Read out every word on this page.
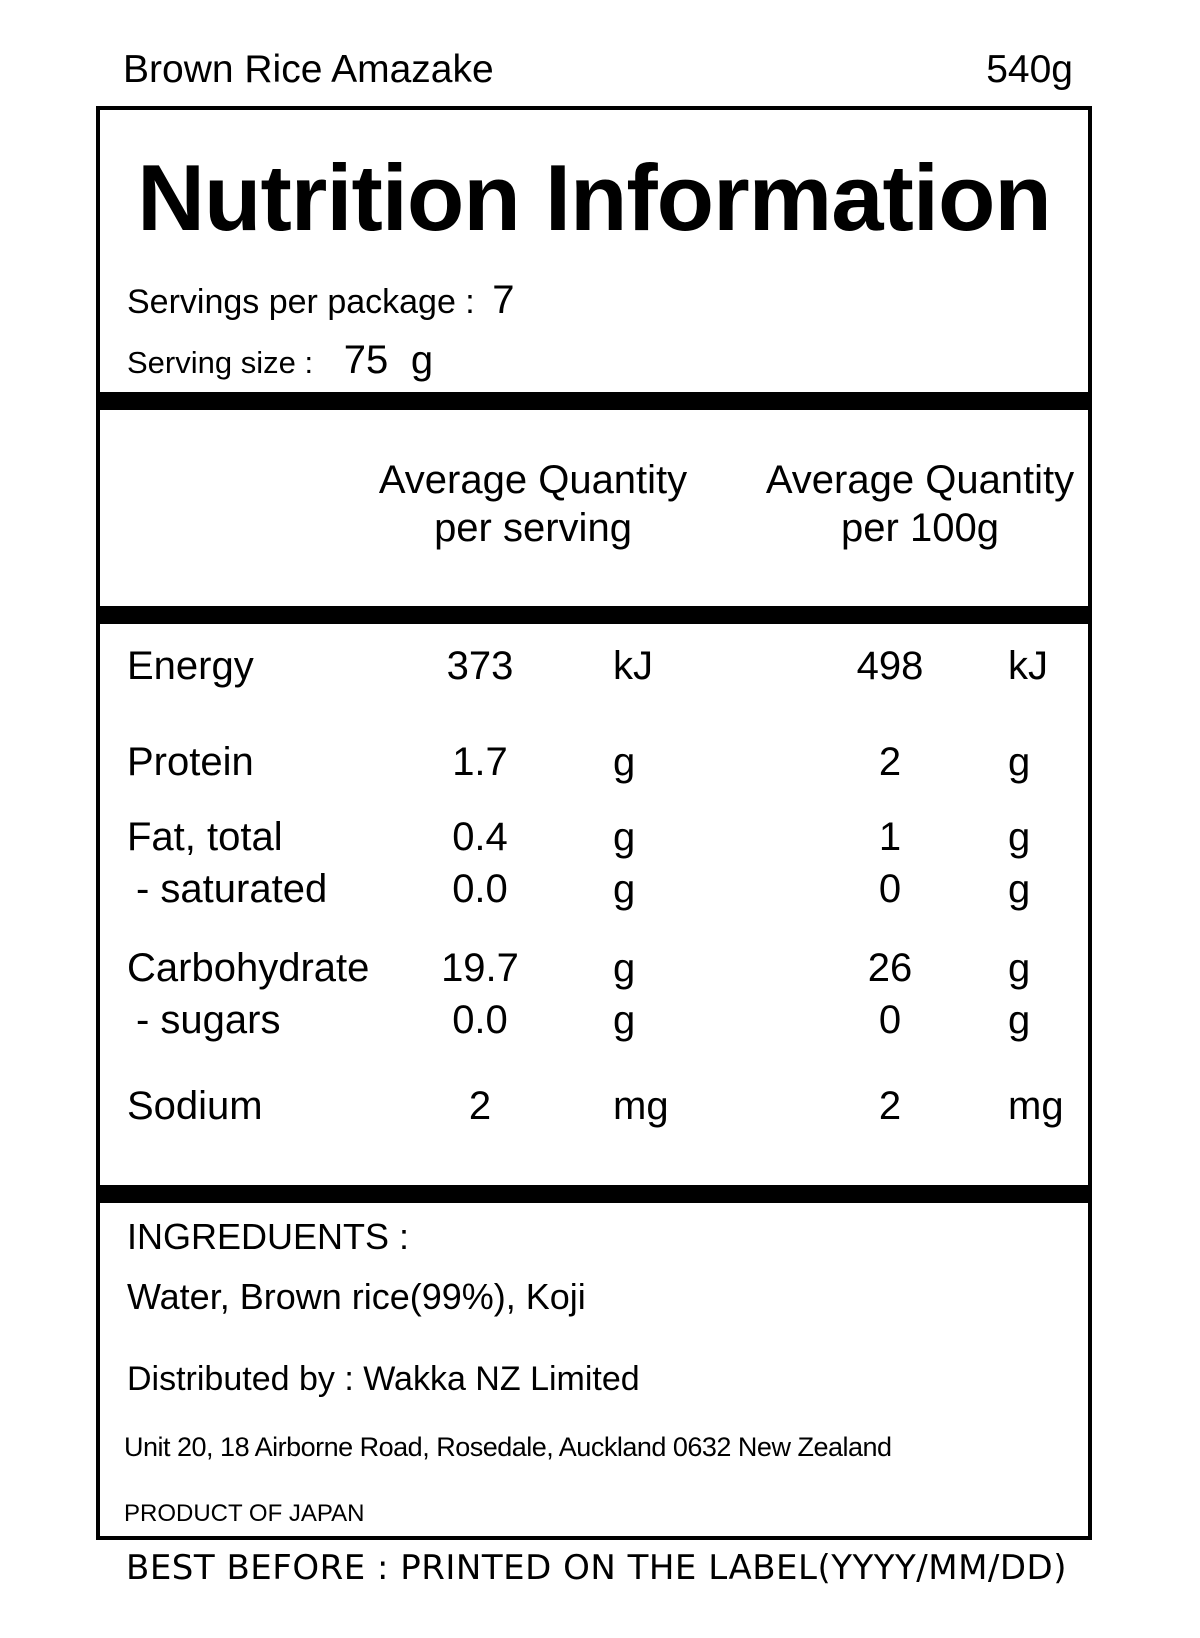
Brown Rice Amazake	540g
Nutrition Information
Servings per package : 7
Serving size : 75 g
Average Quantity
per serving
Average Quantity
per 100g
Energy	373	kJ	498	kJ
Protein	1.7	g	2	g
Fat, total	0.4	g	1	g
- saturated	0.0	g	0	g
Carbohydrate 19.7 g	26	g
- sugars	0.0	g	0	g
Sodium	2	mg	2	mg
INGREDUENTS :
Water, Brown rice(99%), Koji
Distributed by : Wakka NZ Limited
Unit 20, 18 Airborne Road, Rosedale, Auckland 0632 New Zealand
PRODUCT OF JAPAN
BEST BEFORE : PRINTED ON THE LABEL(YYYY/MM/DD)
